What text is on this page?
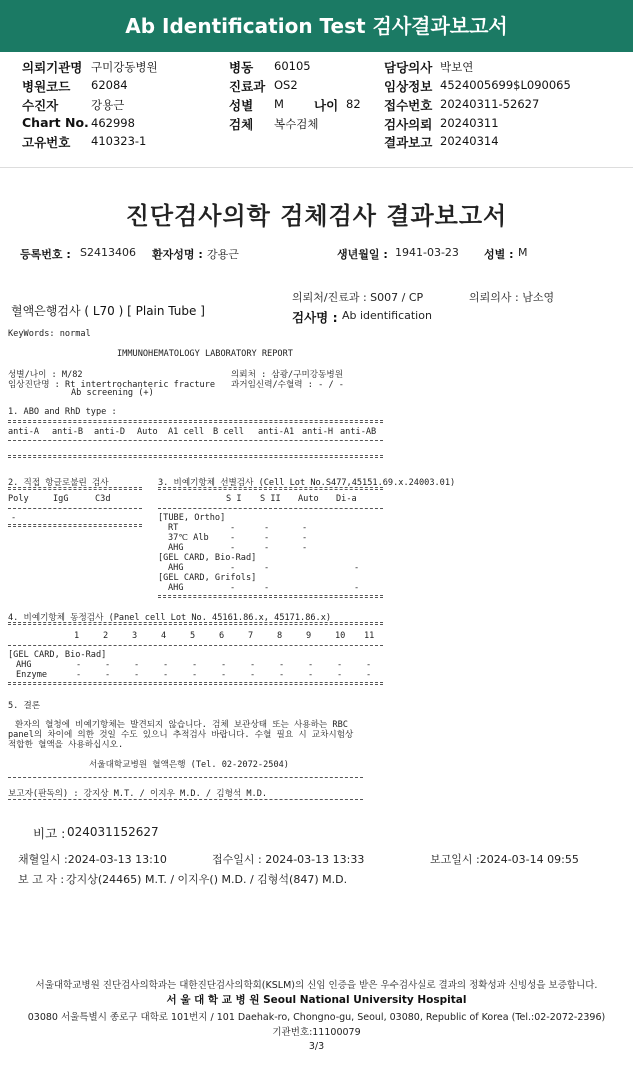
Ab Identification Test 검사결과보고서
의뢰기관명 구미강동병원
병원코드 62084
수진자	강용근
Chart No. 462998
고유번호 410323-1
병동 60105
진료과 OS2
성별 M 나이 82
검체 복수검체
담당의사 박보연
임상정보 4524005699$L090065
접수번호 20240311-52627
검사의뢰 20240311
결과보고 20240314
진단검사의학 검체검사 결과보고서
등록번호 : S2413406 환자성명 : 강용근	생년월일 : 1941-03-23 성별 : M
의뢰처/진료과 : S007 / CP	의뢰의사 : 남소영
혈액은행검사 ( L70 ) [ Plain Tube ]	검사명 : Ab identification
KeyWords: normal
IMMUNOHEMATOLOGY LABORATORY REPORT
성별/나이 : M/82
임상진단명 : Rt intertrochanteric fracture
Ab screening (+)
의뢰처 : 삼광/구미강동병원
과거임신력/수혈력 : - / -
1. ABO and RhD type :
anti-A anti-B anti-D Auto A1 cell B cell anti-A1 anti-H anti-AB
2. 직접 항글로불린 검사
Poly	IgG	C3d
-
3. 비예기항체 선별검사 (Cell Lot No.S477,45151.69.x.24003.01)
S I S II Auto Di-a
[TUBE, Ortho]
RT	-	-	-
37℃ Alb -	-	-
AHG	-	-	-
[GEL CARD, Bio-Rad]
AHG	-	-	-
[GEL CARD, Grifols]
AHG	-	-	-
4. 비예기항체 동정검사 (Panel cell Lot No. 45161.86.x, 45171.86.x)
1	2	3	4	5	6	7	8	9	10 11
[GEL CARD, Bio-Rad]
AHG	-	-	-	-	-	-	-	-	-	-	-
Enzyme	-	-	-	-	-	-	-	-	-	-	-
5. 결론
환자의 혈청에 비예기항체는 발견되지 않습니다. 검체 보관상태 또는 사용하는 RBC
panel의 차이에 의한 것일 수도 있으니 추적검사 바랍니다. 수혈 필요 시 교차시험상
적합한 혈액을 사용하십시오.
서울대학교병원 혈액은행 (Tel. 02-2072-2504)
보고자(판독의) : 강지상 M.T. / 이지우 M.D. / 김형석 M.D.
비고 : 024031152627
채혈일시 :2024-03-13 13:10	접수일시 : 2024-03-13 13:33	보고일시 :2024-03-14 09:55
보 고 자 : 강지상(24465) M.T. / 이지우() M.D. / 김형석(847) M.D.
서울대학교병원 진단검사의학과는 대한진단검사의학회(KSLM)의 신임 인증을 받은 우수검사실로 결과의 정확성과 신빙성을 보증합니다.
서 울 대 학 교 병 원 Seoul National University Hospital
03080 서울특별시 종로구 대학로 101번지 / 101 Daehak-ro, Chongno-gu, Seoul, 03080, Republic of Korea (Tel.:02-2072-2396)
기관번호:11100079
3/3
